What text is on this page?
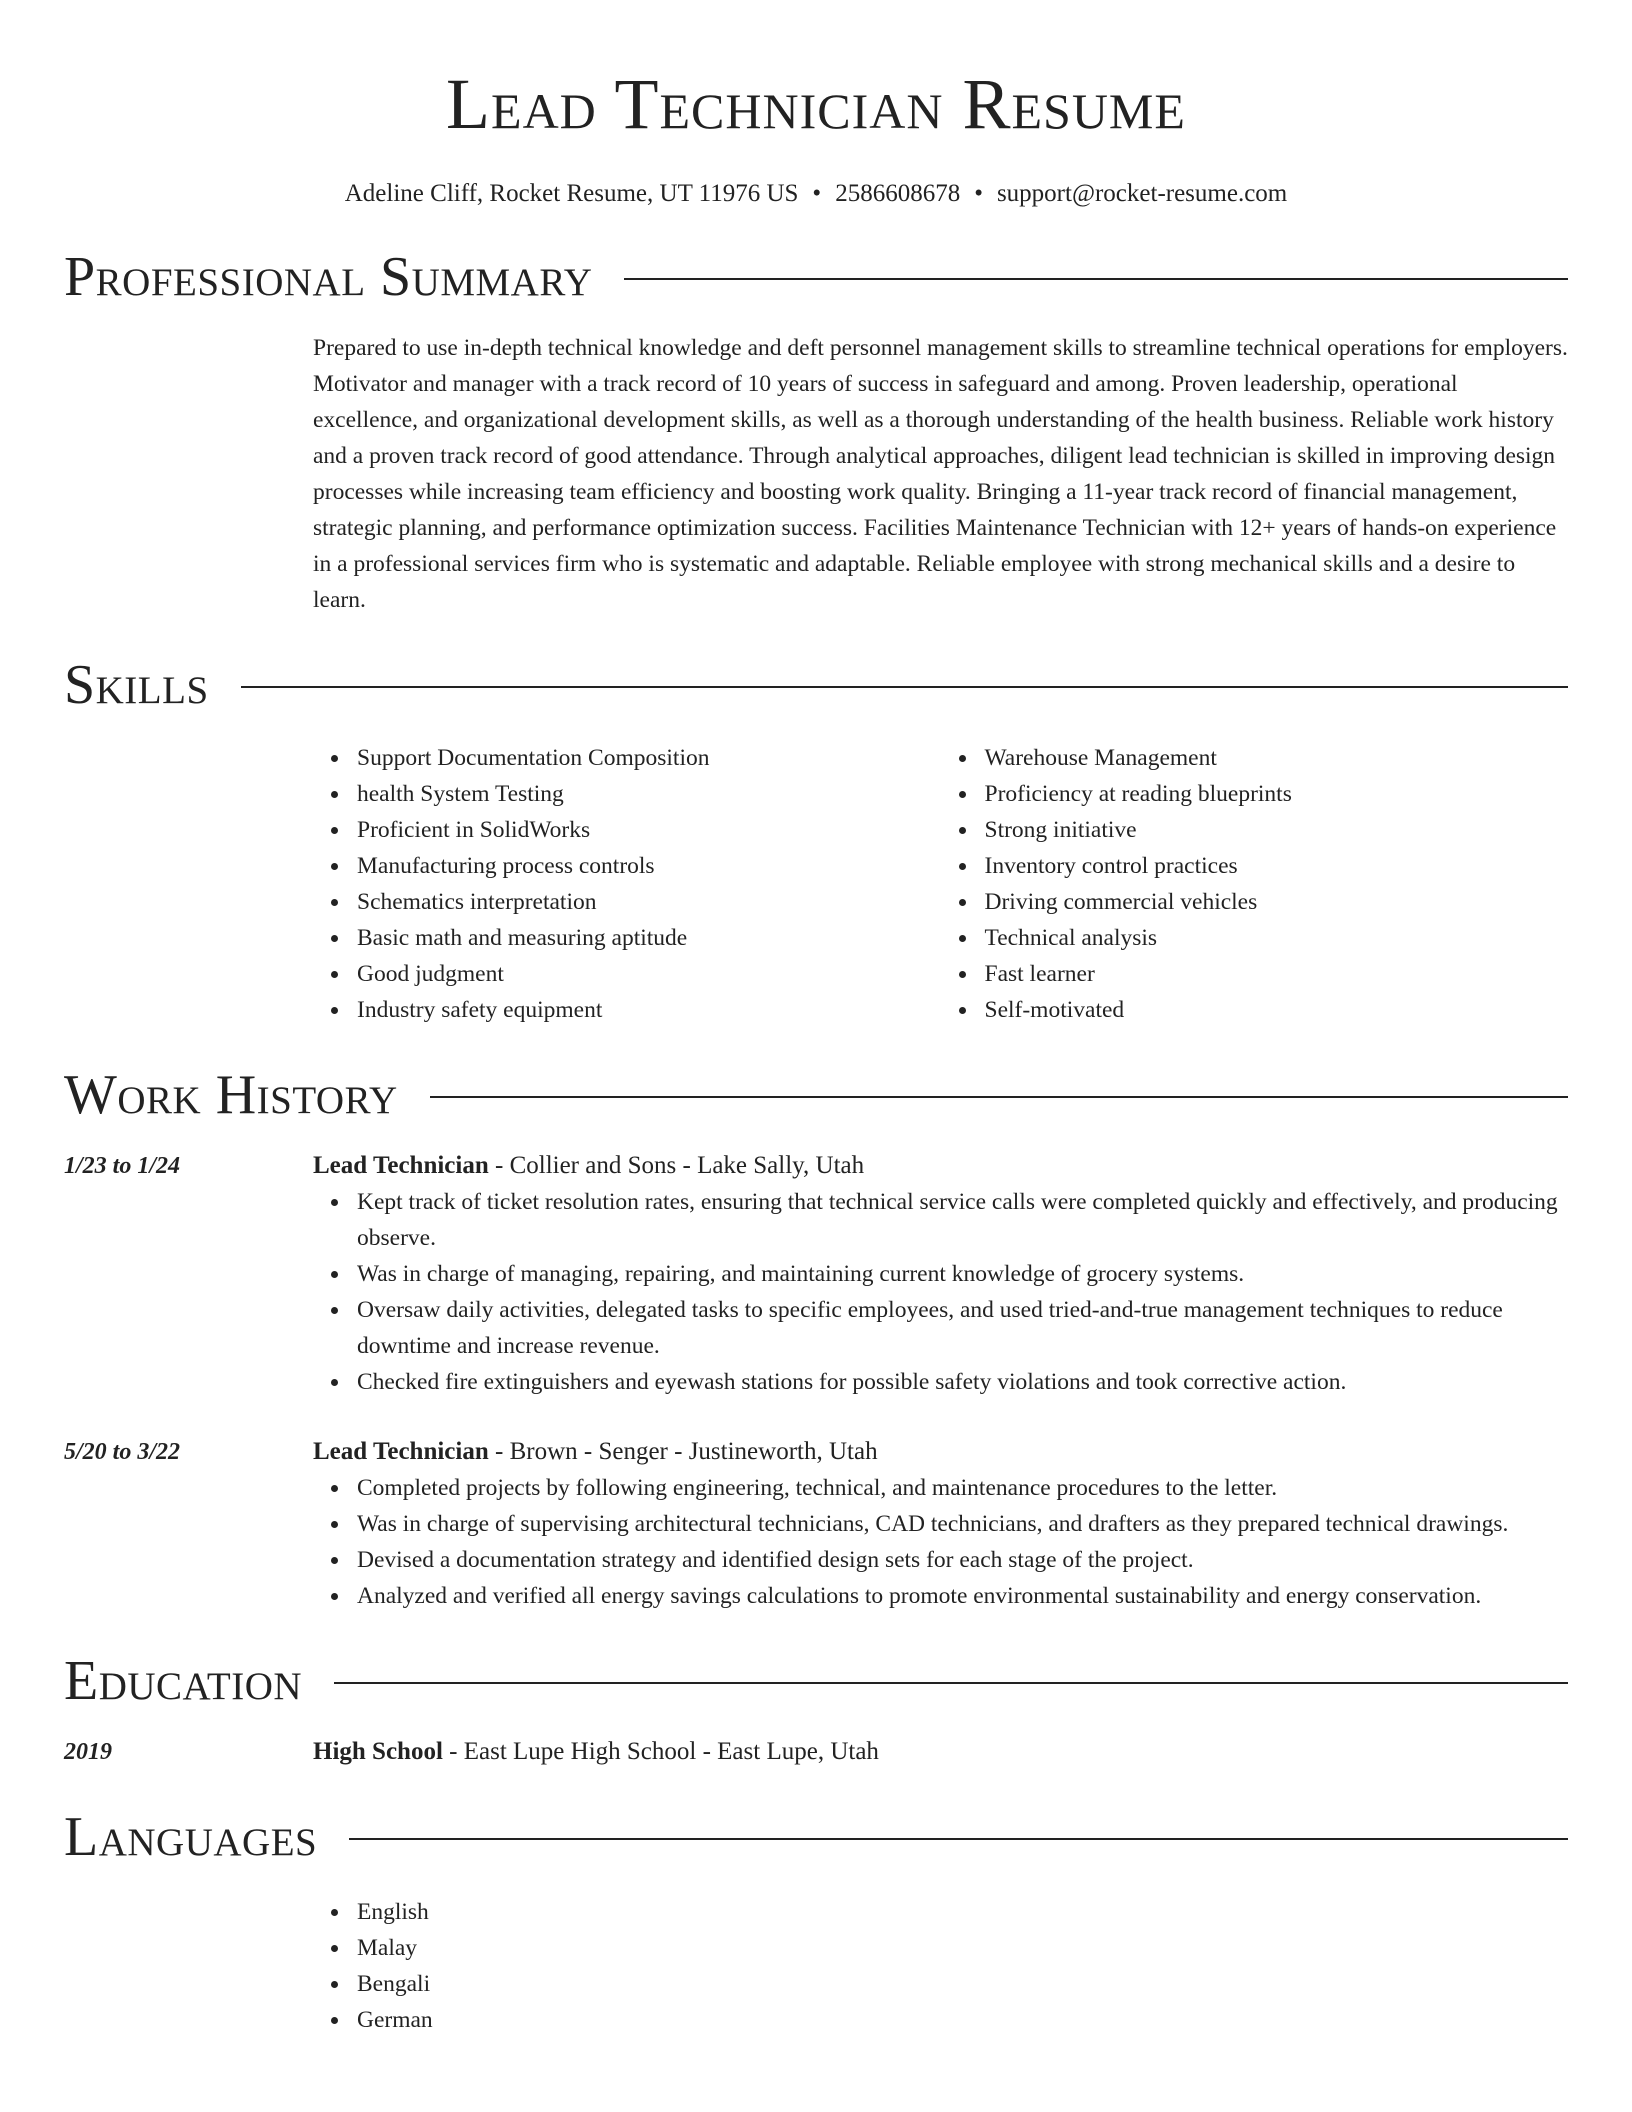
Lead Technician Resume
Adeline Cliff, Rocket Resume, UT 11976 US • 2586608678 • support@rocket-resume.com
Professional Summary
Prepared to use in-depth technical knowledge and deft personnel management skills to streamline technical operations for employers. Motivator and manager with a track record of 10 years of success in safeguard and among. Proven leadership, operational excellence, and organizational development skills, as well as a thorough understanding of the health business. Reliable work history and a proven track record of good attendance. Through analytical approaches, diligent lead technician is skilled in improving design processes while increasing team efficiency and boosting work quality. Bringing a 11-year track record of financial management, strategic planning, and performance optimization success. Facilities Maintenance Technician with 12+ years of hands-on experience in a professional services firm who is systematic and adaptable. Reliable employee with strong mechanical skills and a desire to learn.
Skills
Support Documentation Composition
health System Testing
Proficient in SolidWorks
Manufacturing process controls
Schematics interpretation
Basic math and measuring aptitude
Good judgment
Industry safety equipment
Warehouse Management
Proficiency at reading blueprints
Strong initiative
Inventory control practices
Driving commercial vehicles
Technical analysis
Fast learner
Self-motivated
Work History
1/23 to 1/24	Lead Technician - Collier and Sons - Lake Sally, Utah
Kept track of ticket resolution rates, ensuring that technical service calls were completed quickly and effectively, and producing observe.
Was in charge of managing, repairing, and maintaining current knowledge of grocery systems.
Oversaw daily activities, delegated tasks to specific employees, and used tried-and-true management techniques to reduce downtime and increase revenue.
Checked fire extinguishers and eyewash stations for possible safety violations and took corrective action.
5/20 to 3/22	Lead Technician - Brown - Senger - Justineworth, Utah
Completed projects by following engineering, technical, and maintenance procedures to the letter.
Was in charge of supervising architectural technicians, CAD technicians, and drafters as they prepared technical drawings.
Devised a documentation strategy and identified design sets for each stage of the project.
Analyzed and verified all energy savings calculations to promote environmental sustainability and energy conservation.
Education
2019	High School - East Lupe High School - East Lupe, Utah
Languages
English
Malay
Bengali
German
